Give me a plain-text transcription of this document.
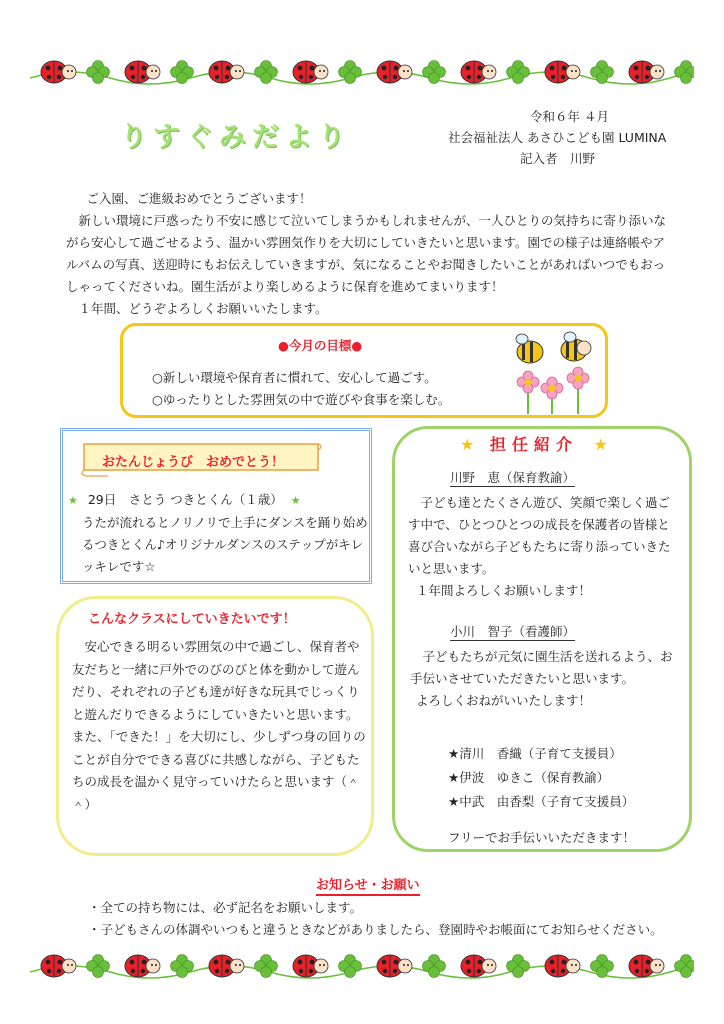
りすぐみだより
令和６年 ４月
社会福祉法人 あさひこども園 LUMINA
記入者　川野

ご入園、ご進級おめでとうございます！

新しい環境に戸惑ったり不安に感じて泣いてしまうかもしれませんが、一人ひとりの気持ちに寄り添いながら安心して過ごせるよう、温かい雰囲気作りを大切にしていきたいと思います。園での様子は連絡帳やアルバムの写真、送迎時にもお伝えしていきますが、気になることやお聞きしたいことがあればいつでもおっしゃってくださいね。園生活がより楽しめるように保育を進めてまいります！

１年間、どうぞよろしくお願いいたします。

●今月の目標●
○新しい環境や保育者に慣れて、安心して過ごす。
○ゆったりとした雰囲気の中で遊びや食事を楽しむ。
おたんじょうび　おめでとう！
★ 29日　さとう つきとくん（１歳） ★
うたが流れるとノリノリで上手にダンスを踊り始めるつきとくん♪オリジナルダンスのステップがキレッキレです☆
こんなクラスにしていきたいです！

安心できる明るい雰囲気の中で過ごし、保育者や友だちと一緒に戸外でのびのびと体を動かして遊んだり、それぞれの子ども達が好きな玩具でじっくりと遊んだりできるようにしていきたいと思います。

また、「できた！」を大切にし、少しずつ身の回りのことが自分でできる喜びに共感しながら、子どもたちの成長を温かく見守っていけたらと思います（＾＾）

★ 担任紹介 ★
川野　恵（保育教諭）

子ども達とたくさん遊び、笑顔で楽しく過ごす中で、ひとつひとつの成長を保護者の皆様と喜び合いながら子どもたちに寄り添っていきたいと思います。

１年間よろしくお願いします！

小川　智子（看護師）

子どもたちが元気に園生活を送れるよう、お手伝いさせていただきたいと思います。

よろしくおねがいいたします！

★清川　香織（子育て支援員）
★伊波　ゆきこ（保育教諭）
★中武　由香梨（子育て支援員）
フリーでお手伝いいただきます！
お知らせ・お願い
・全ての持ち物には、必ず記名をお願いします。
・子どもさんの体調やいつもと違うときなどがありましたら、登園時やお帳面にてお知らせください。
